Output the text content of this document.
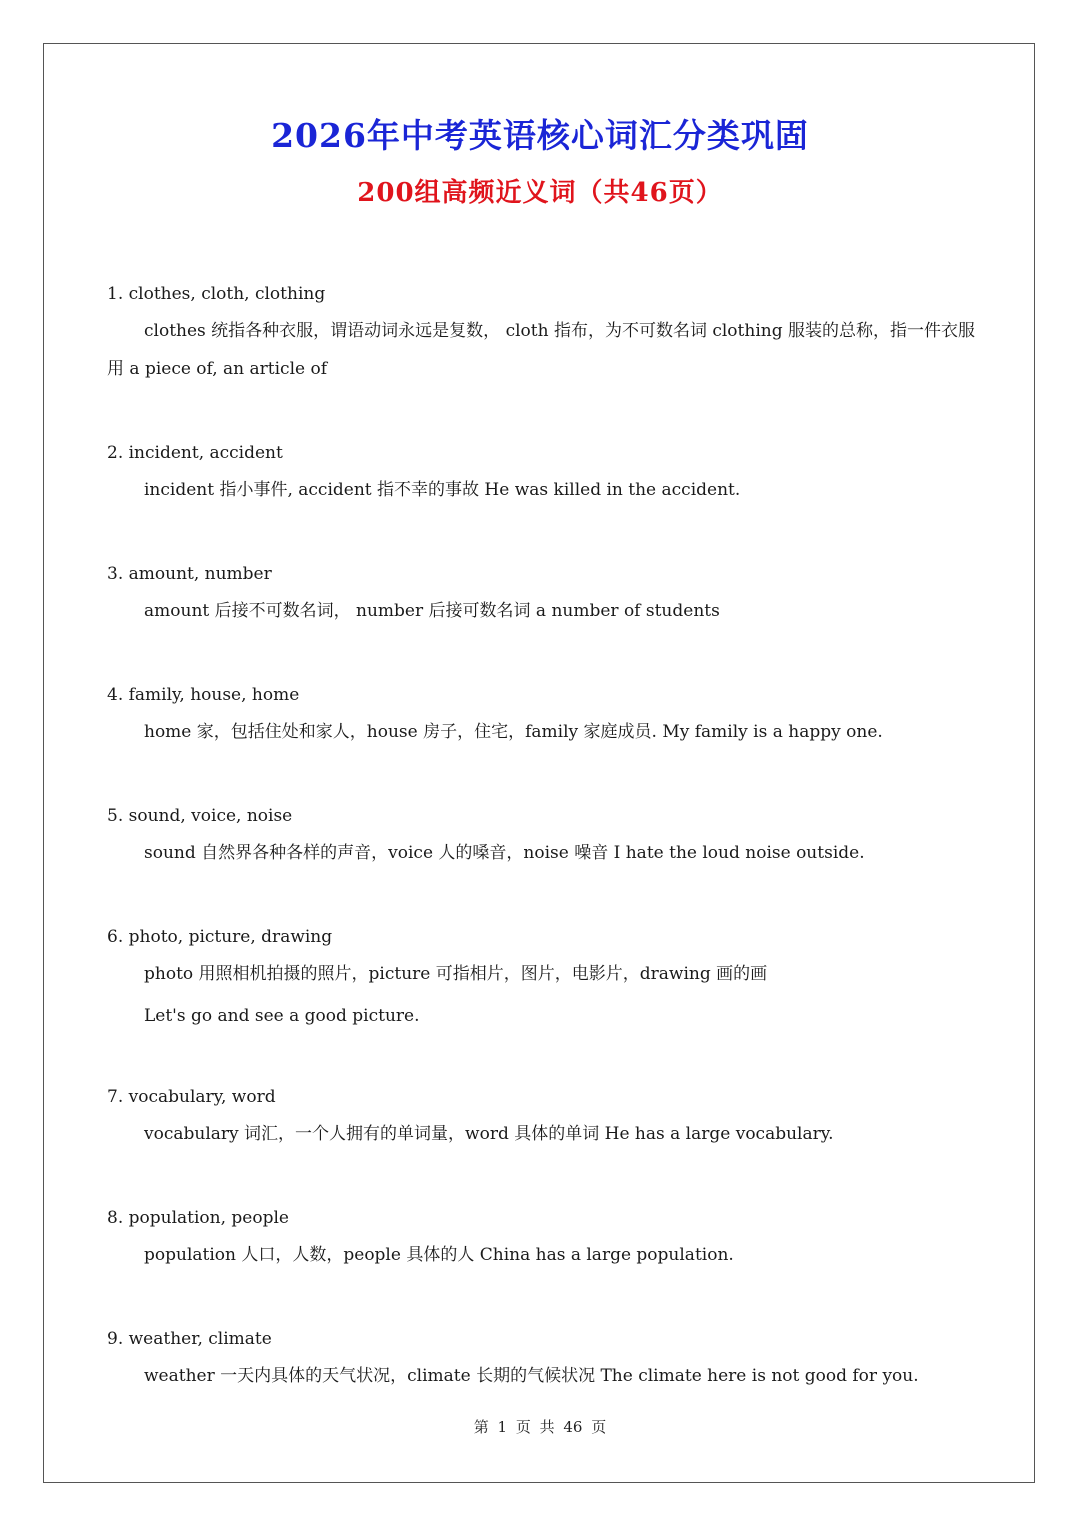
2026年中考英语核心词汇分类巩固
200组高频近义词（共46页）
1. clothes, cloth, clothing
clothes 统指各种衣服，谓语动词永远是复数， cloth 指布，为不可数名词 clothing 服装的总称，指一件衣服用 a piece of, an article of
2. incident, accident
incident 指小事件, accident 指不幸的事故 He was killed in the accident.
3. amount, number
amount 后接不可数名词， number 后接可数名词 a number of students
4. family, house, home
home 家，包括住处和家人，house 房子，住宅，family 家庭成员. My family is a happy one.
5. sound, voice, noise
sound 自然界各种各样的声音，voice 人的嗓音，noise 噪音 I hate the loud noise outside.
6. photo, picture, drawing
photo 用照相机拍摄的照片，picture 可指相片，图片，电影片，drawing 画的画
Let's go and see a good picture.
7. vocabulary, word
vocabulary 词汇，一个人拥有的单词量，word 具体的单词 He has a large vocabulary.
8. population, people
population 人口，人数，people 具体的人 China has a large population.
9. weather, climate
weather 一天内具体的天气状况，climate 长期的气候状况 The climate here is not good for you.
第 1 页 共 46 页
